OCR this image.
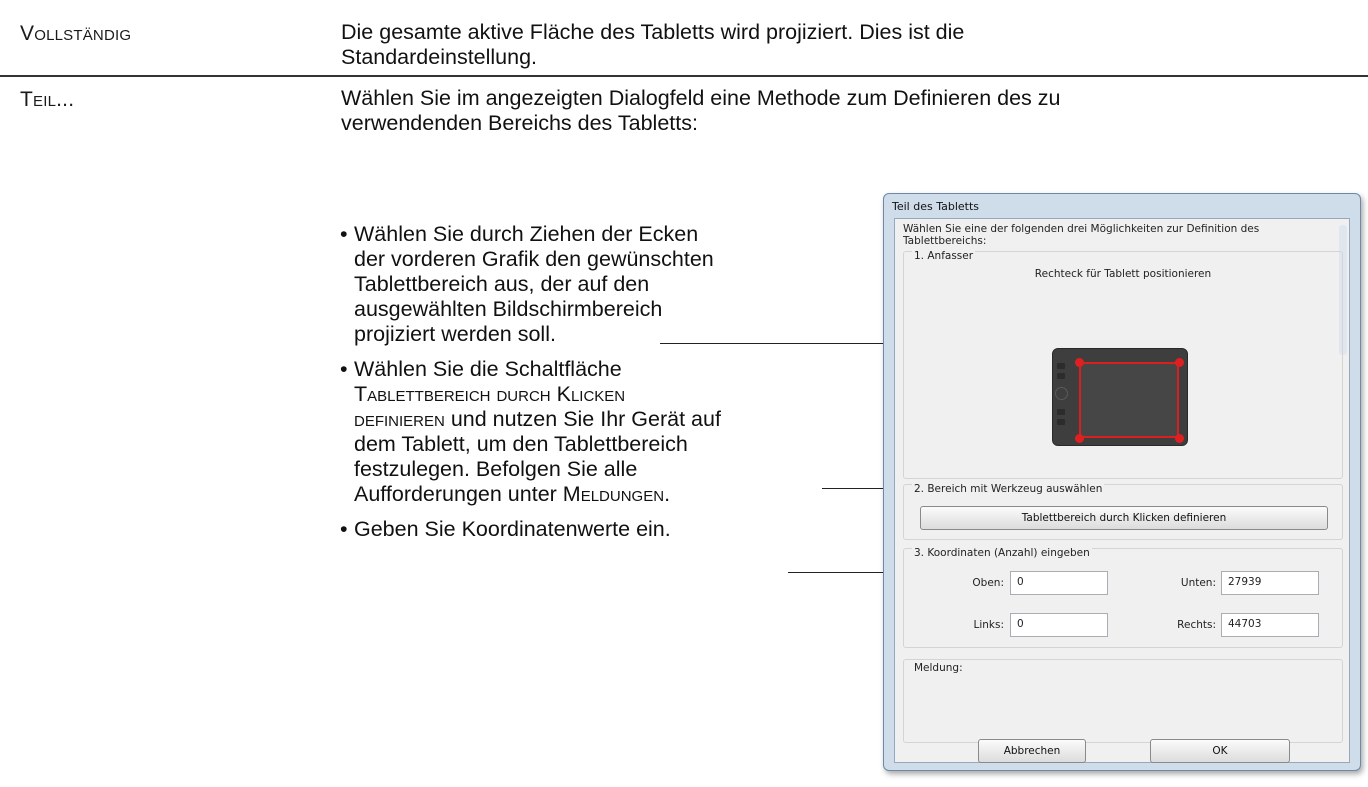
Vollständig	Die gesamte aktive Fläche des Tabletts wird projiziert. Dies ist die
Standardeinstellung.
Teil...	Wählen Sie im angezeigten Dialogfeld eine Methode zum Definieren des zu
verwendenden Bereichs des Tabletts:
• Wählen Sie durch Ziehen der Ecken
der vorderen Grafik den gewünschten
Tablettbereich aus, der auf den
ausgewählten Bildschirmbereich
projiziert werden soll.
• Wählen Sie die Schaltfläche
Tablettbereich durch Klicken
definieren und nutzen Sie Ihr Gerät auf
dem Tablett, um den Tablettbereich
festzulegen. Befolgen Sie alle
Aufforderungen unter Meldungen.
• Geben Sie Koordinatenwerte ein.
Teil des Tabletts
Wählen Sie eine der folgenden drei Möglichkeiten zur Definition des Tablettbereichs:
1. Anfasser
Rechteck für Tablett positionieren
2. Bereich mit Werkzeug auswählen
Tablettbereich durch Klicken definieren
3. Koordinaten (Anzahl) eingeben
Oben:	0	Unten:	27939
Links:	0	Rechts:	44703
Meldung:
Abbrechen	OK
